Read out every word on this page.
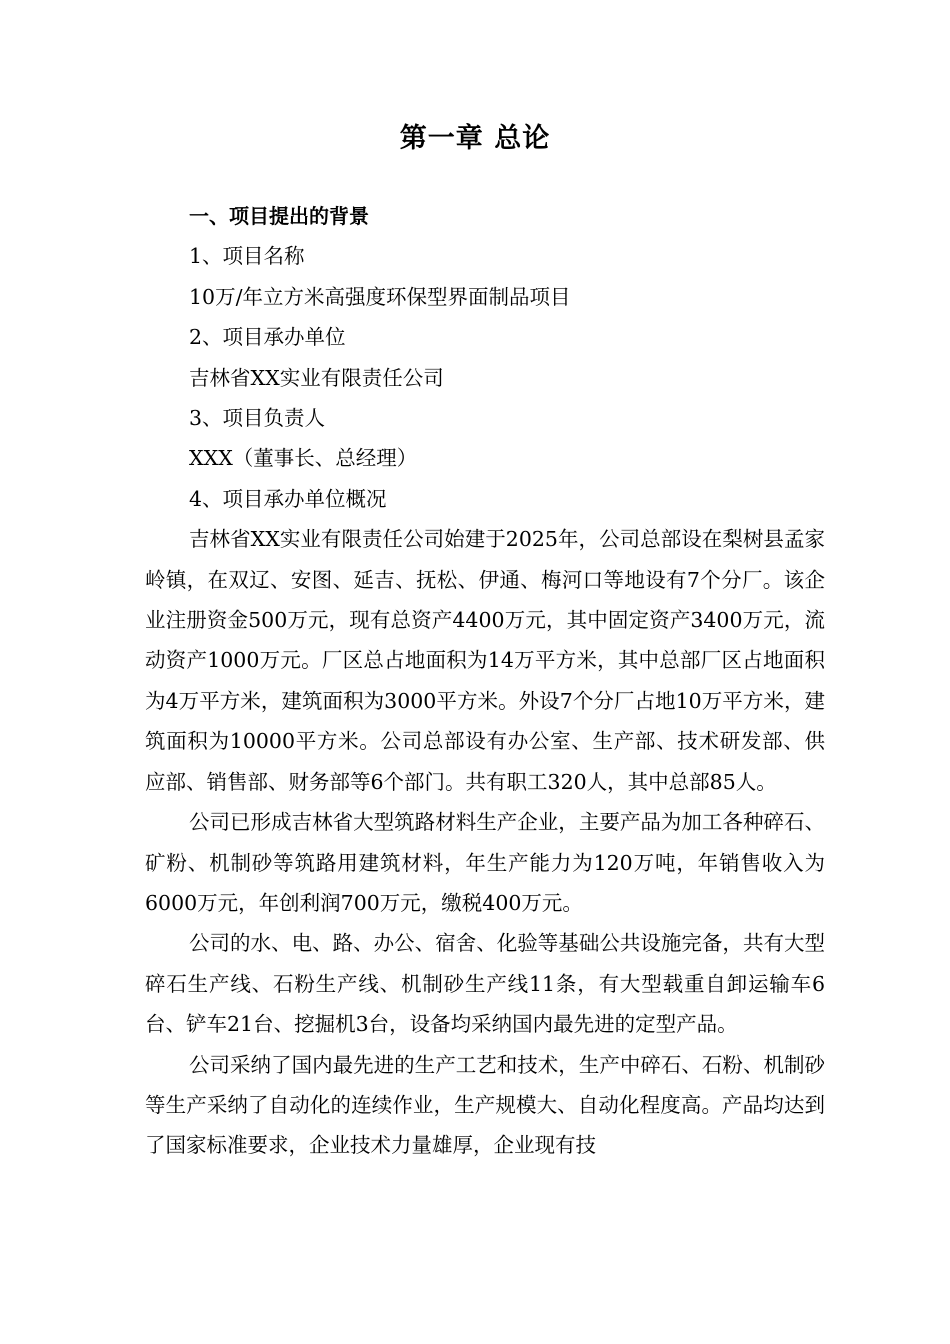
第一章 总论
一、项目提出的背景
1、项目名称
10万/年立方米高强度环保型界面制品项目
2、项目承办单位
吉林省XX实业有限责任公司
3、项目负责人
XXX（董事长、总经理）
4、项目承办单位概况

吉林省XX实业有限责任公司始建于2025年，公司总部设在梨树县孟家岭镇，在双辽、安图、延吉、抚松、伊通、梅河口等地设有7个分厂。该企业注册资金500万元，现有总资产4400万元，其中固定资产3400万元，流动资产1000万元。厂区总占地面积为14万平方米，其中总部厂区占地面积为4万平方米，建筑面积为3000平方米。外设7个分厂占地10万平方米，建筑面积为10000平方米。公司总部设有办公室、生产部、技术研发部、供应部、销售部、财务部等6个部门。共有职工320人，其中总部85人。

公司已形成吉林省大型筑路材料生产企业，主要产品为加工各种碎石、矿粉、机制砂等筑路用建筑材料，年生产能力为120万吨，年销售收入为6000万元，年创利润700万元，缴税400万元。

公司的水、电、路、办公、宿舍、化验等基础公共设施完备，共有大型碎石生产线、石粉生产线、机制砂生产线11条，有大型载重自卸运输车6台、铲车21台、挖掘机3台，设备均采纳国内最先进的定型产品。

公司采纳了国内最先进的生产工艺和技术，生产中碎石、石粉、机制砂等生产采纳了自动化的连续作业，生产规模大、自动化程度高。产品均达到了国家标准要求，企业技术力量雄厚，企业现有技
